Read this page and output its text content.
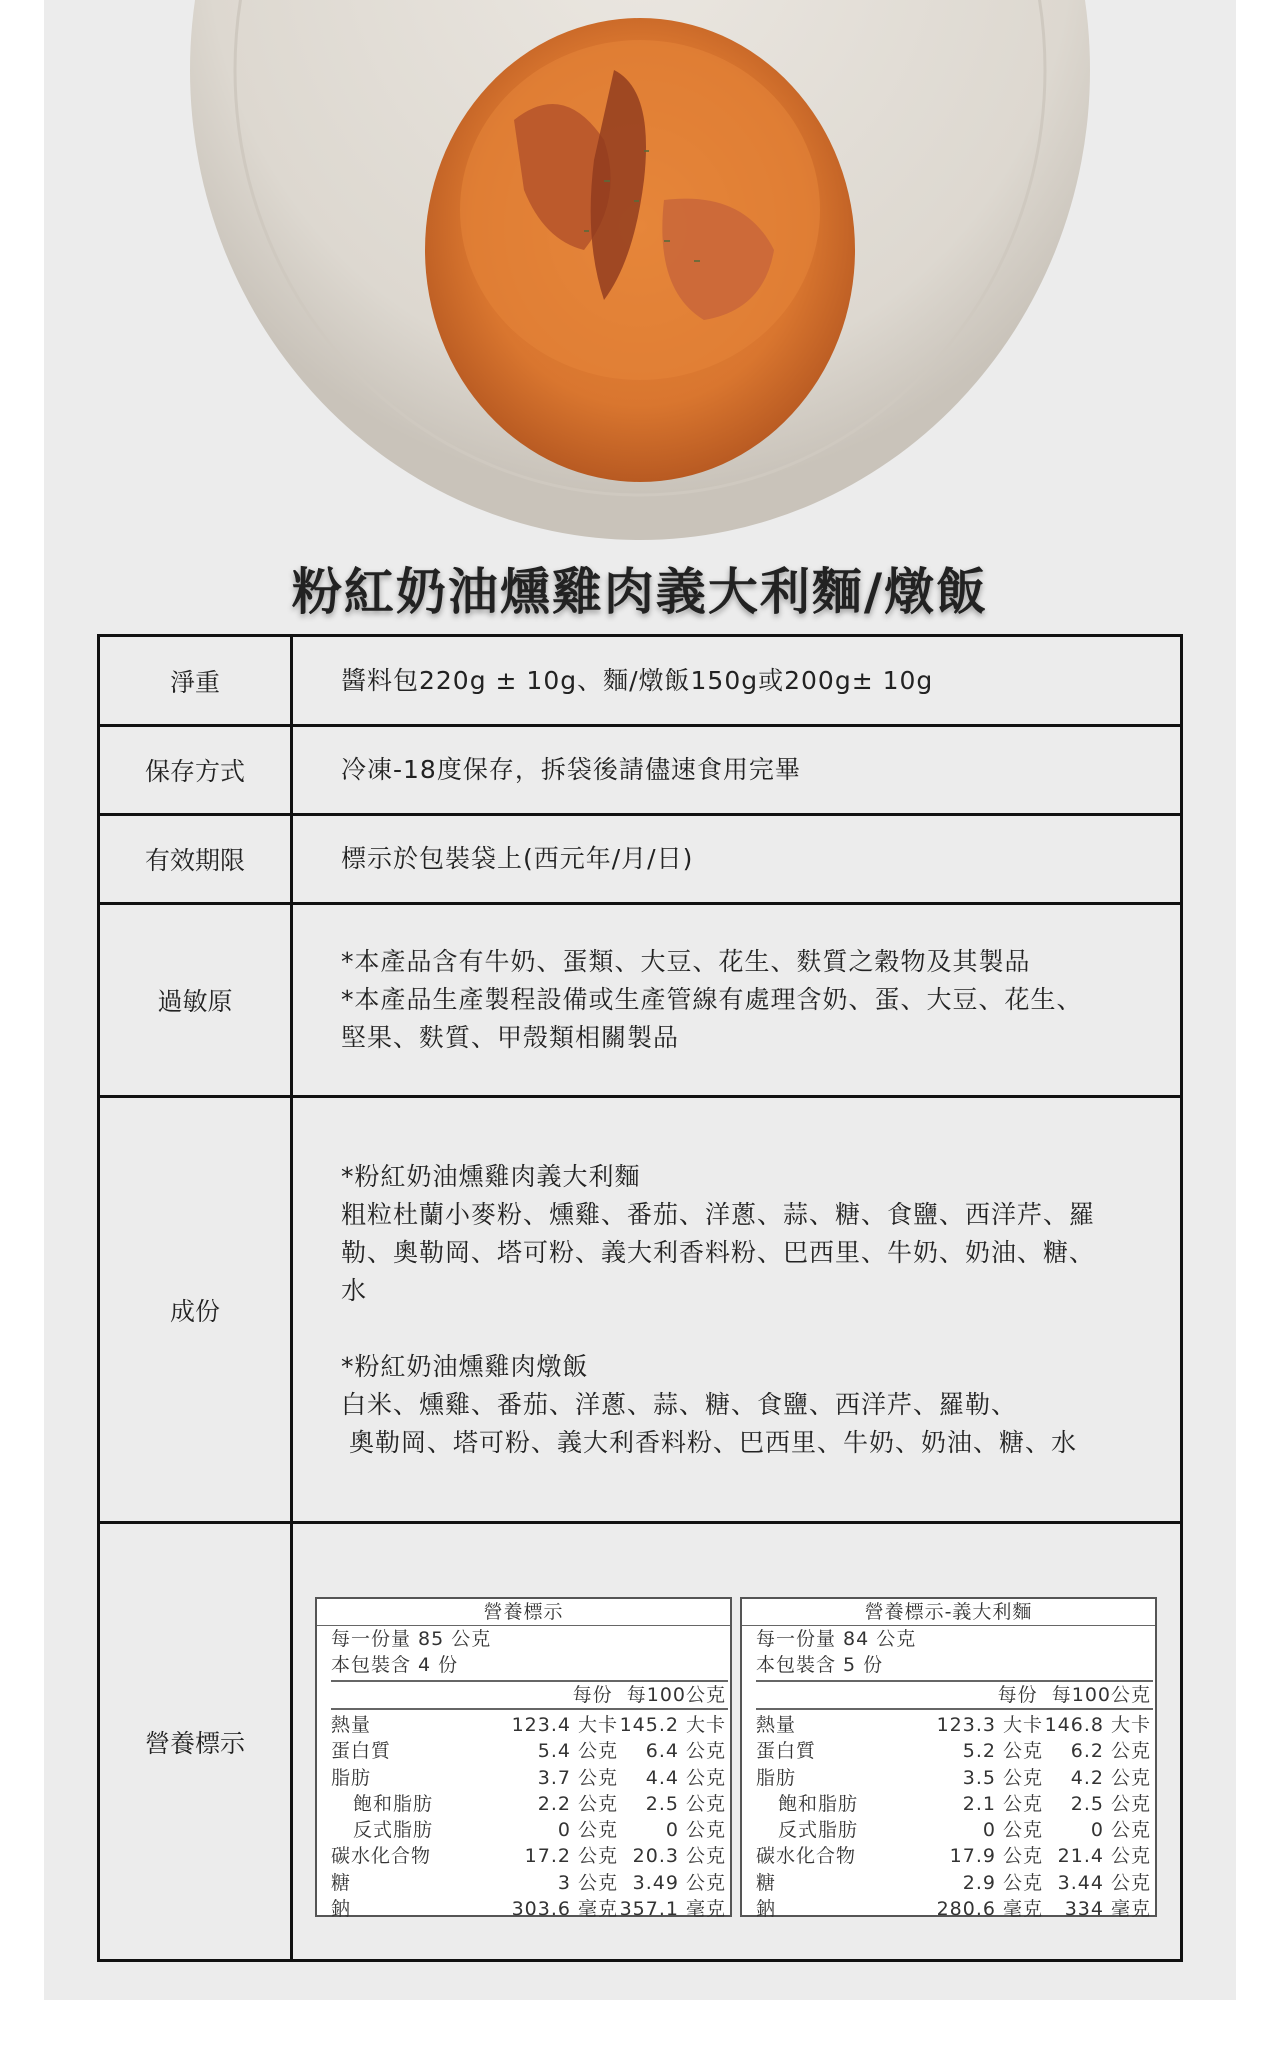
粉紅奶油燻雞肉義大利麵/燉飯
淨重	醬料包220g ± 10g、麵/燉飯150g或200g± 10g

保存方式	冷凍-18度保存，拆袋後請儘速食用完畢

有效期限	標示於包裝袋上(西元年/月/日)

過敏原

*本產品含有牛奶、蛋類、大豆、花生、麩質之穀物及其製品

*本產品生產製程設備或生產管線有處理含奶、蛋、大豆、花生、

堅果、麩質、甲殼類相關製品

成份

*粉紅奶油燻雞肉義大利麵

粗粒杜蘭小麥粉、燻雞、番茄、洋蔥、蒜、糖、食鹽、西洋芹、羅

勒、奧勒岡、塔可粉、義大利香料粉、巴西里、牛奶、奶油、糖、

水

*粉紅奶油燻雞肉燉飯

白米、燻雞、番茄、洋蔥、蒜、糖、食鹽、西洋芹、羅勒、

奧勒岡、塔可粉、義大利香料粉、巴西里、牛奶、奶油、糖、水

營養標示
營養標示
每一份量 85 公克
本包裝含 4 份
每份 每100公克
熱量	123.4 大卡 145.2 大卡
蛋白質	5.4 公克 6.4 公克
脂肪	3.7 公克 4.4 公克
飽和脂肪	2.2 公克 2.5 公克
反式脂肪	0 公克	0 公克
碳水化合物	17.2 公克 20.3 公克
糖	3 公克 3.49 公克
鈉	303.6 毫克 357.1 毫克
營養標示-義大利麵
每一份量 84 公克
本包裝含 5 份
每份 每100公克
熱量	123.3 大卡 146.8 大卡
蛋白質	5.2 公克 6.2 公克
脂肪	3.5 公克 4.2 公克
飽和脂肪	2.1 公克 2.5 公克
反式脂肪	0 公克	0 公克
碳水化合物	17.9 公克 21.4 公克
糖	2.9 公克 3.44 公克
鈉	280.6 毫克 334 毫克
